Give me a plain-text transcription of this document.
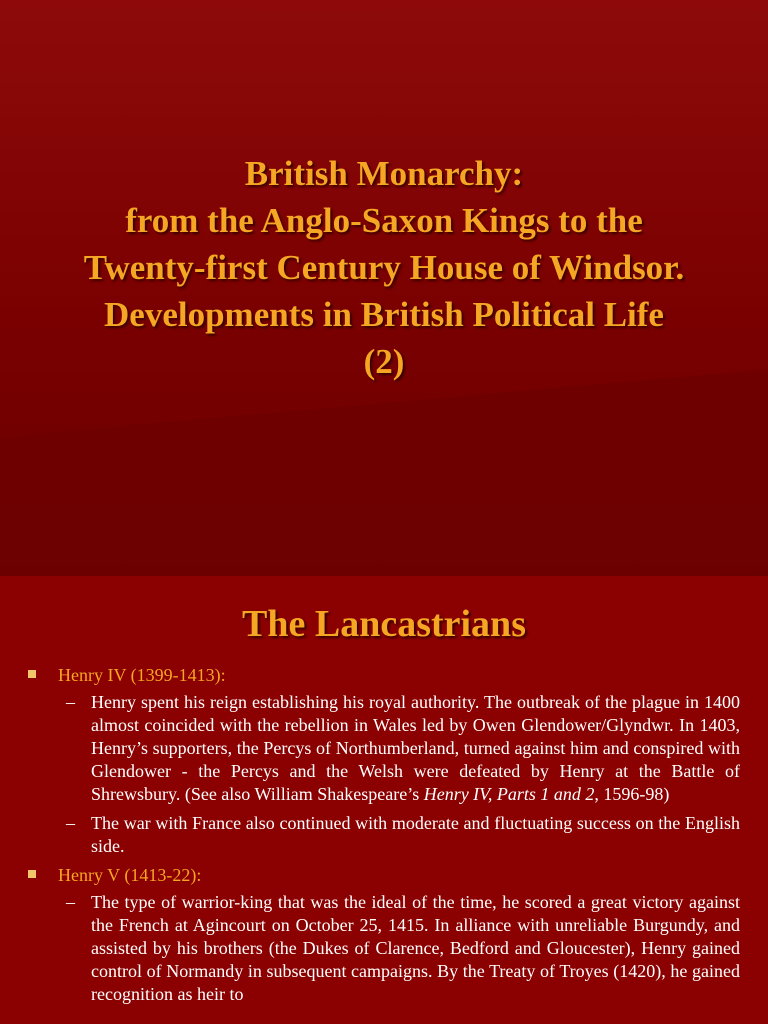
British Monarchy:
from the Anglo-Saxon Kings to the
Twenty-first Century House of Windsor.
Developments in British Political Life
(2)
The Lancastrians
Henry IV (1399-1413):
– Henry spent his reign establishing his royal authority. The outbreak of the plague in 1400 almost coincided with the rebellion in Wales led by Owen Glendower/Glyndwr. In 1403, Henry’s supporters, the Percys of Northumberland, turned against him and conspired with Glendower - the Percys and the Welsh were defeated by Henry at the Battle of Shrewsbury. (See also William Shakespeare’s Henry IV, Parts 1 and 2, 1596-98)
– The war with France also continued with moderate and fluctuating success on the English side.
Henry V (1413-22):
– The type of warrior-king that was the ideal of the time, he scored a great victory against the French at Agincourt on October 25, 1415. In alliance with unreliable Burgundy, and assisted by his brothers (the Dukes of Clarence, Bedford and Gloucester), Henry gained control of Normandy in subsequent campaigns. By the Treaty of Troyes (1420), he gained recognition as heir to
